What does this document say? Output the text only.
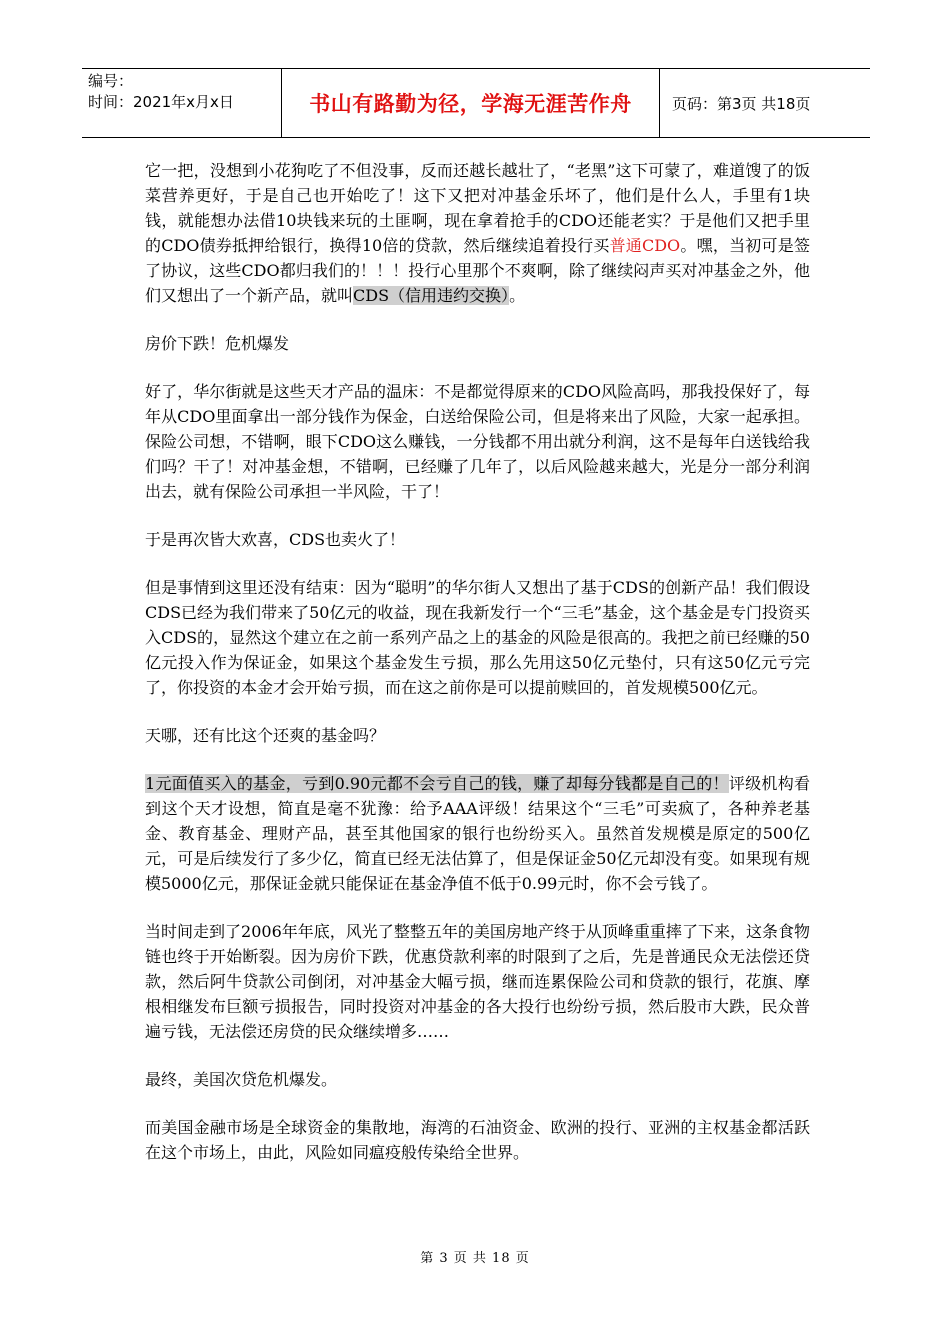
编号：
时间：2021年x月x日	书山有路勤为径，学海无涯苦作舟	页码：第3页 共18页

它一把，没想到小花狗吃了不但没事，反而还越长越壮了，“老黑”这下可蒙了，难道馊了的饭菜营养更好，于是自己也开始吃了！这下又把对冲基金乐坏了，他们是什么人，手里有1块钱，就能想办法借10块钱来玩的土匪啊，现在拿着抢手的CDO还能老实？于是他们又把手里的CDO债券抵押给银行，换得10倍的贷款，然后继续追着投行买普通CDO。嘿，当初可是签了协议，这些CDO都归我们的！！！投行心里那个不爽啊，除了继续闷声买对冲基金之外，他们又想出了一个新产品，就叫CDS（信用违约交换）。

房价下跌！危机爆发

好了，华尔街就是这些天才产品的温床：不是都觉得原来的CDO风险高吗，那我投保好了，每年从CDO里面拿出一部分钱作为保金，白送给保险公司，但是将来出了风险，大家一起承担。保险公司想，不错啊，眼下CDO这么赚钱，一分钱都不用出就分利润，这不是每年白送钱给我们吗？干了！对冲基金想，不错啊，已经赚了几年了，以后风险越来越大，光是分一部分利润出去，就有保险公司承担一半风险，干了！

于是再次皆大欢喜，CDS也卖火了！

但是事情到这里还没有结束：因为“聪明”的华尔街人又想出了基于CDS的创新产品！我们假设CDS已经为我们带来了50亿元的收益，现在我新发行一个“三毛”基金，这个基金是专门投资买入CDS的，显然这个建立在之前一系列产品之上的基金的风险是很高的。我把之前已经赚的50亿元投入作为保证金，如果这个基金发生亏损，那么先用这50亿元垫付，只有这50亿元亏完了，你投资的本金才会开始亏损，而在这之前你是可以提前赎回的，首发规模500亿元。

天哪，还有比这个还爽的基金吗？

1元面值买入的基金，亏到0.90元都不会亏自己的钱，赚了却每分钱都是自己的！评级机构看到这个天才设想，简直是毫不犹豫：给予AAA评级！结果这个“三毛”可卖疯了，各种养老基金、教育基金、理财产品，甚至其他国家的银行也纷纷买入。虽然首发规模是原定的500亿元，可是后续发行了多少亿，简直已经无法估算了，但是保证金50亿元却没有变。如果现有规模5000亿元，那保证金就只能保证在基金净值不低于0.99元时，你不会亏钱了。

当时间走到了2006年年底，风光了整整五年的美国房地产终于从顶峰重重摔了下来，这条食物链也终于开始断裂。因为房价下跌，优惠贷款利率的时限到了之后，先是普通民众无法偿还贷款，然后阿牛贷款公司倒闭，对冲基金大幅亏损，继而连累保险公司和贷款的银行，花旗、摩根相继发布巨额亏损报告，同时投资对冲基金的各大投行也纷纷亏损，然后股市大跌，民众普遍亏钱，无法偿还房贷的民众继续增多……

最终，美国次贷危机爆发。

而美国金融市场是全球资金的集散地，海湾的石油资金、欧洲的投行、亚洲的主权基金都活跃在这个市场上，由此，风险如同瘟疫般传染给全世界。

第 3 页 共 18 页
